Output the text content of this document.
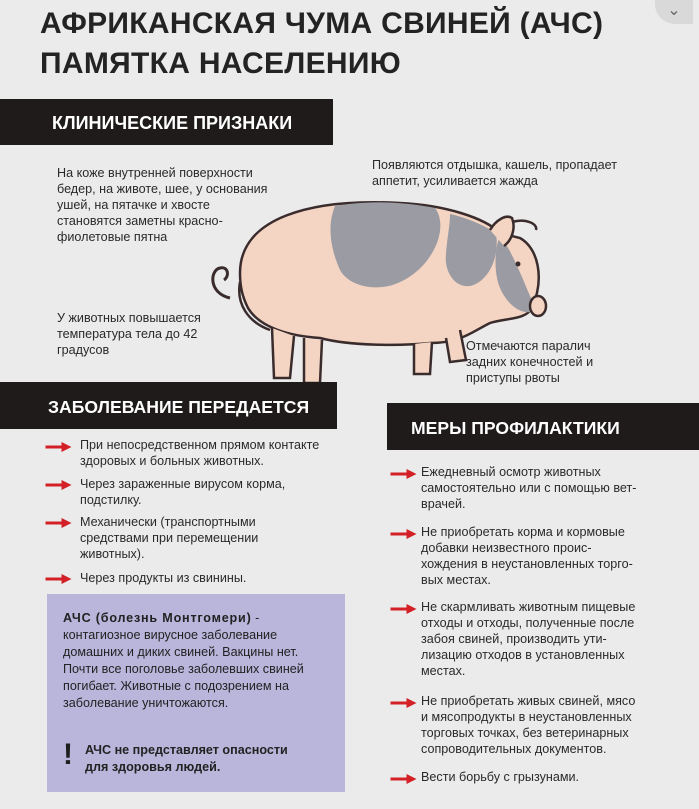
АФРИКАНСКАЯ ЧУМА СВИНЕЙ (АЧС)
ПАМЯТКА НАСЕЛЕНИЮ
⌄
КЛИНИЧЕСКИЕ ПРИЗНАКИ
На коже внутренней поверхности
бедер, на животе, шее, у основания
ушей, на пятачке и хвосте
становятся заметны красно-
фиолетовые пятна
Появляются отдышка, кашель, пропадает
аппетит, усиливается жажда
У животных повышается
температура тела до 42
градусов	Отмечаются паралич
задних конечностей и
приступы рвоты
ЗАБОЛЕВАНИЕ ПЕРЕДАЕТСЯ
МЕРЫ ПРОФИЛАКТИКИ
При непосредственном прямом контакте
здоровых и больных животных.
Через зараженные вирусом корма,
подстилку.
Механически (транспортными
средствами при перемещении
животных).
Через продукты из свинины.
Ежедневный осмотр животных
самостоятельно или с помощью вет-
врачей.
Не приобретать корма и кормовые
добавки неизвестного проис-
хождения в неустановленных торго-
вых местах.
Не скармливать животным пищевые
отходы и отходы, полученные после
забоя свиней, производить ути-
лизацию отходов в установленных
местах.
Не приобретать живых свиней, мясо
и мясопродукты в неустановленных
торговых точках, без ветеринарных
сопроводительных документов.
Вести борьбу с грызунами.
АЧС (болезнь Монтгомери) -
контагиозное вирусное заболевание
домашних и диких свиней. Вакцины нет.
Почти все поголовье заболевших свиней
погибает. Животные с подозрением на
заболевание уничтожаются.
! АЧС не представляет опасности
для здоровья людей.
